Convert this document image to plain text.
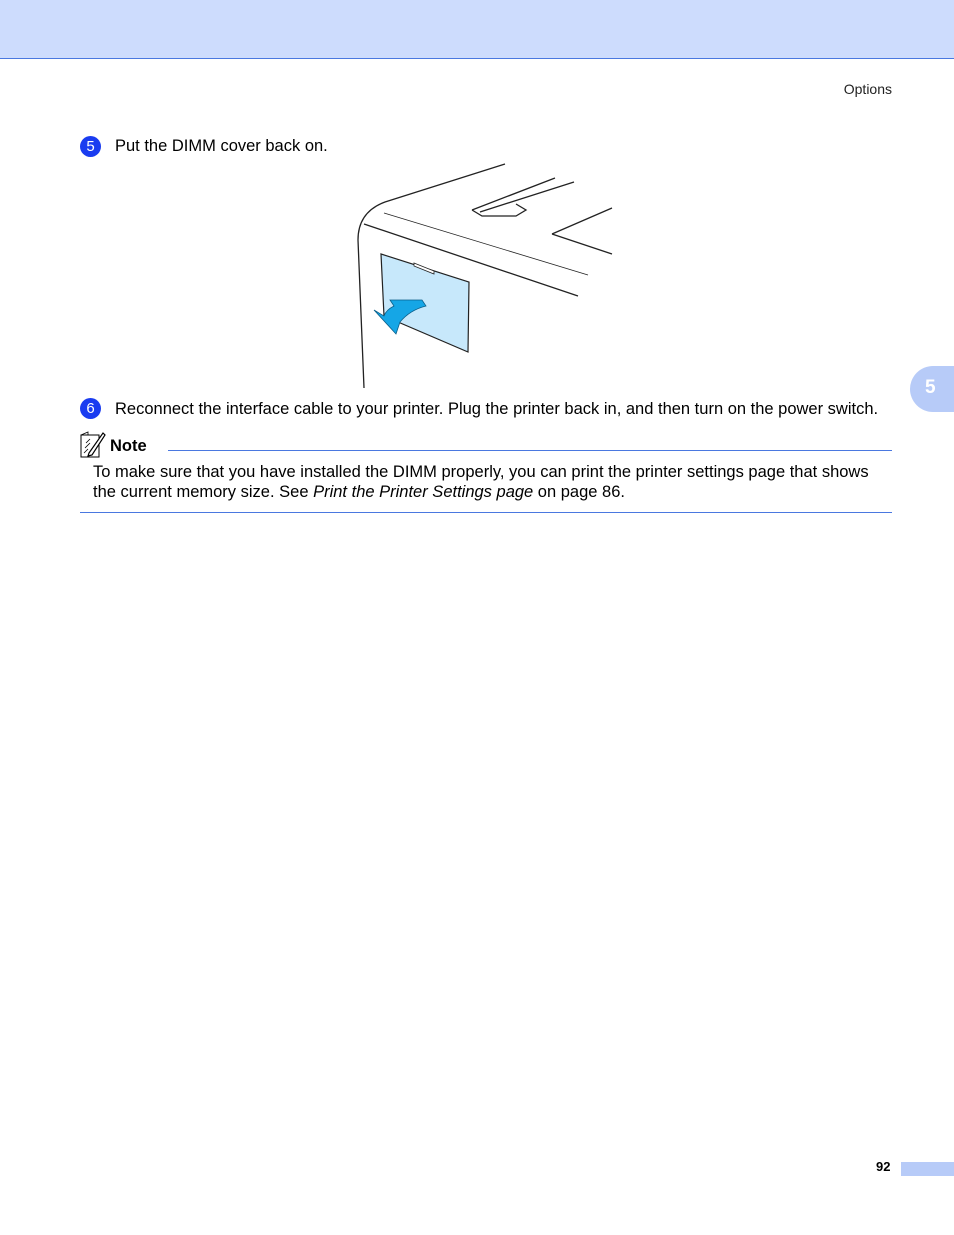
Options
5	Put the DIMM cover back on.
5
6	Reconnect the interface cable to your printer. Plug the printer back in, and then turn on the power switch.
Note
To make sure that you have installed the DIMM properly, you can print the printer settings page that shows the current memory size. See Print the Printer Settings page on page 86.
92
